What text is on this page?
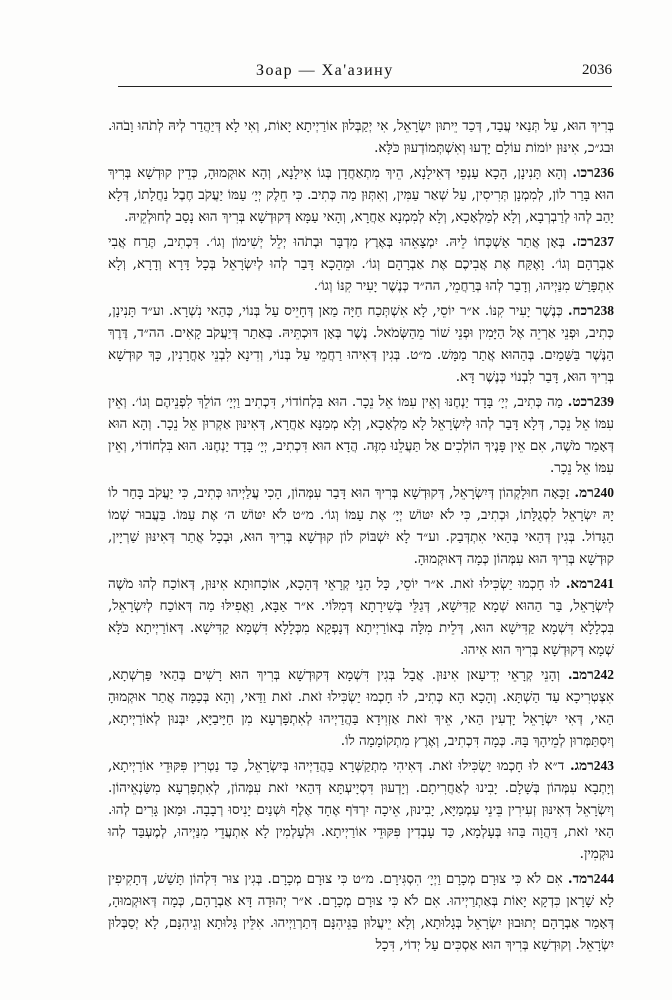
Зоар — Ха'азину	2036

בְּרִיךְ הוּא, עַל תְּנַאי עֲבַד, דְּכַד יֵיתוּן יִשְׂרָאֵל, אִי יְקַבְּלוּן אוֹרַיְיתָא יָאוֹת, וְאִי לָא דְּיַהֲדַר לְיהּ לְתֹהוּ וָבֹהוּ. וּבג״כ, אִינּוּן יוֹמוֹת עוֹלָם יָדְעוּ וְאִשְׁתְּמוֹדְעוּן כֹּלָּא.

236רכו. וְהָא תָּנִינָן, הָכָא עַנְפֵי דְּאִילָנָא, הֵיךְ מִתְאַחֲדָן בְּגוֹ אִילָנָא, וְהָא אוּקְמוּהָ, כְּדֵין קוּדְשָׁא בְּרִיךְ הוּא בָּרַר לוֹן, לְמִמְנָן תְּרִיסִין, עַל שְׁאַר עַמִּין, וְאִתְּוּן מַה כְּתִיב. כִּי חֵלֶק יְיָ׳ עַמּוֹ יַעֲקֹב חֶבֶל נַחֲלָתוֹ, דְּלָא יָהַב לְהוּ לְרַבְרְבָא, וְלָא לְמַלְאָכָא, וְלָא לְמִמְנָא אַחֲרָא, וְהָאי עַמָּא דְּקוּדְשָׁא בְּרִיךְ הוּא נָסַב לְחוּלְקֵיהּ.

237רכז. בְּאָן אֲתַר אַשְׁכְּחוֹ לֵיהּ. יִמְצָאֵהוּ בְּאֶרֶץ מִדְבָּר וּבְתֹהוּ יְלֵל יְשִׁימוֹן וְגוֹ׳. דִּכְתִיב, תֶּרַח אֲבִי אַבְרָהָם וְגוֹ׳. וָאֶקַּח אֶת אֲבִיכֶם אֶת אַבְרָהָם וְגוֹ׳. וּמֵהָכָא דָּבַר לְהוּ לְיִשְׂרָאֵל בְּכָל דָּרָא וְדָרָא, וְלָא אִתְפָּרַשׁ מִנַּיְיהוּ, וְדָבַר לְהוּ בְּרַחֲמֵי, הה״ד כְּנֶשֶׁר יָעִיר קִנּוֹ וְגוֹ׳.

238רכח. כְּנֶשֶׁר יָעִיר קִנּוֹ. א״ר יוֹסֵי, לָא אִשְׁתְּכַח חַיָּה מַאן דְּחָיֵיס עַל בְּנוֹי, כְּהַאי נִשְׁרָא. וע״ד תָּנִינָן, כְּתִיב, וּפְנֵי אַרְיֵה אֶל הַיָּמִין וּפְנֵי שׁוֹר מֵהַשְּׂמֹאל. נֶשֶׁר בְּאָן דּוּכְתֵּיהּ. בְּאַתַר דְּיַעֲקֹב קָאִים. הה״ד, דֶּרֶךְ הַנֶּשֶׁר בַּשָּׁמַיִם. בְּהַהוּא אֲתַר מַמָּשׁ. מ״ט. בְּגִין דְּאִיהוּ רַחֲמֵי עַל בְּנוֹי, וְדִינָא לִבְנֵי אָחֳרָנִין, כָּךְ קוּדְשָׁא בְּרִיךְ הוּא, דָּבַר לִבְנוֹי כְּנֶשֶׁר דָּא.

239רכט. מַה כְּתִיב, יְיָ׳ בָּדָד יַנְחֶנּוּ וְאֵין עִמּוֹ אֵל נֵכָר. הוּא בִּלְחוֹדוֹי, דִּכְתִיב וַיְיָ׳ הוֹלֵךְ לִפְנֵיהֶם וְגוֹ׳. וְאֵין עִמּוֹ אֵל נֵכָר, דְּלָא דָּבַר לְהוּ לְיִשְׂרָאֵל לָא מַלְאָכָא, וְלָא מְמַנָּא אַחֲרָא, דְּאִינּוּן אַקְרוּן אֵל נֵכָר. וְהָא הוּא דְּאָמַר מֹשֶׁה, אִם אֵין פָּנֶיךָ הוֹלְכִים אַל תַּעֲלֵנוּ מִזֶּה. הֲדָא הוּא דִּכְתִיב, יְיָ׳ בָּדָד יַנְחֶנּוּ. הוּא בִּלְחוֹדוֹי, וְאֵין עִמּוֹ אֵל נֵכָר.

240רמ. זַכָּאָה חוּלָקְהוֹן דְּיִשְׂרָאֵל, דְּקוּדְשָׁא בְּרִיךְ הוּא דָּבַר עִמְּהוֹן, הָכִי עֲלַיְיהוּ כְּתִיב, כִּי יַעֲקֹב בָּחַר לוֹ יָהּ יִשְׂרָאֵל לִסְגֻלָּתוֹ, וּכְתִיב, כִּי לֹא יִטּוֹשׁ יְיָ׳ אֶת עַמּוֹ וְגוֹ׳. מ״ט לֹא יִטּוֹשׁ ה׳ אֶת עַמּוֹ. בַּעֲבוּר שְׁמוֹ הַגָּדוֹל. בְּגִין דְּהַאי בְּהַאי אִתְדְּבַק. וע״ד לָא יִשְׁבּוֹק לוֹן קוּדְשָׁא בְּרִיךְ הוּא, וּבְכָל אֲתַר דְּאִינּוּן שַׁרְיָין, קוּדְשָׁא בְּרִיךְ הוּא עִמְּהוֹן כְּמָה דְּאוּקְמוּהָ.

241רמא. לוּ חָכְמוּ יַשְׂכִּילוּ זֹאת. א״ר יוֹסֵי, כָּל הָנֵי קְרָאֵי דְּהָכָא, אוֹכָחוּתָא אִינּוּן, דְּאוֹכַח לְהוּ מֹשֶׁה לְיִשְׂרָאֵל, בַּר הַהוּא שְׁמָא קַדִּישָׁא, דְּגַלֵּי בְּשִׁירָתָא דְּמִלּוֹי. א״ר אַבָּא, וַאֲפִילּוּ מַה דְּאוֹכַח לְיִשְׂרָאֵל, בִּכְלָלָא דִּשְׁמָא קַדִּישָׁא הוּא, דְּלֵית מִלָּה בְּאוֹרַיְיתָא דְּנָפְקָא מִכְּלָלָא דִּשְׁמָא קַדִּישָׁא. דְּאוֹרַיְיתָא כֹּלָּא שְׁמָא דְּקוּדְשָׁא בְּרִיךְ הוּא אִיהוּ.

242רמב. וְהָנֵי קְרָאֵי יְדִיעָאן אִינּוּן. אֲבָל בְּגִין דִּשְׁמָא דְּקוּדְשָׁא בְּרִיךְ הוּא רָשִׁים בְּהַאי פַּרְשְׁתָא, אִצְטְרִיכָא עַד הַשְׁתָּא. וְהָכָא הָא כְּתִיב, לוּ חָכְמוּ יַשְׂכִּילוּ זֹאת. זֹאת וַדַּאי, וְהָא בְּכַמָּה אֲתַר אוּקְמוּהָ הַאי, דְּאִי יִשְׂרָאֵל יָדְעִין הַאי, אֵיךְ זֹאת אַזְוִידָא בַּהֲדַיְיהוּ לְאִתְפָּרְעָא מִן חַיָּיבַיָּא, יִבְּנוּן לְאוֹרַיְיתָא, וְיִסְתַּמְּרוּן לְמֵיהָךְ בָּהּ. כְּמָה דִּכְתִיב, וְאֶרֶץ מִתְקוֹמָמָה לוֹ.

243רמג. ד״א לוּ חָכְמוּ יַשְׂכִּילוּ זֹאת. דְּאִיהִי מִתְקַשְּׁרָא בַּהֲדַיְיהוּ בְּיִשְׂרָאֵל, כַּד נַטְרִין פִּקּוּדֵי אוֹרַיְיתָא, וְיָתְבָא עִמְּהוֹן בְּשָׁלָם. יָבִינוּ לְאַחֲרִיתָם. וְיָדְעוּן דִּסְיָיעְתָּא דְּהַאי זֹאת עִמְּהוֹן, לְאִתְפָּרְעָא מִשַּׂנְאֵיהוֹן. וְיִשְׂרָאֵל דְּאִינּוּן זְעִירִין בֵּינֵי עַמְמַיָּא, יָבִינוּן, אֵיכָה יִרְדֹּף אֶחָד אֶלֶף וּשְׁנַיִם יָנִיסוּ רְבָבָה. וּמַאן גָּרִים לְהוּ. הַאי זֹאת, דַּהֲוָה בַּהוּ בְּעָלְמָא, כַּד עָבְדִין פִּקּוּדֵי אוֹרַיְיתָא. וּלְעָלְמִין לָא אִתְעֲדֵי מִנַּיְיהוּ, לְמֶעְבַּד לְהוּ נוּקְמִין.

244רמד. אִם לֹא כִּי צוּרָם מְכָרָם וַיְיָ׳ הִסְגִּירָם. מ״ט כִּי צוּרָם מְכָרָם. בְּגִין צוּר דִּלְהוֹן תָּשַׁשׁ, דְּתָקִיפִין לָא שָׁרָאן כִּדְקָא יָאוֹת בְּאַתְרַיְיהוּ. אִם לֹא כִּי צוּרָם מְכָרָם. א״ר יְהוּדָה דָּא אַבְרָהָם, כְּמָה דְּאוּקְמוּהָ, דְּאָמַר אַבְרָהָם יְתוּבוּן יִשְׂרָאֵל בְּגָלוּתָא, וְלָא יֵיעֲלוּן בַּגֵּיהִנָּם דְּתַרְוַיְיהוּ. אִלֵּין גָּלוּתָא וְגֵיהִנָּם, לָא יְסַבְּלוּן יִשְׂרָאֵל. וְקוּדְשָׁא בְּרִיךְ הוּא אַסְכִּים עַל יְדוֹי, דִּכָל
